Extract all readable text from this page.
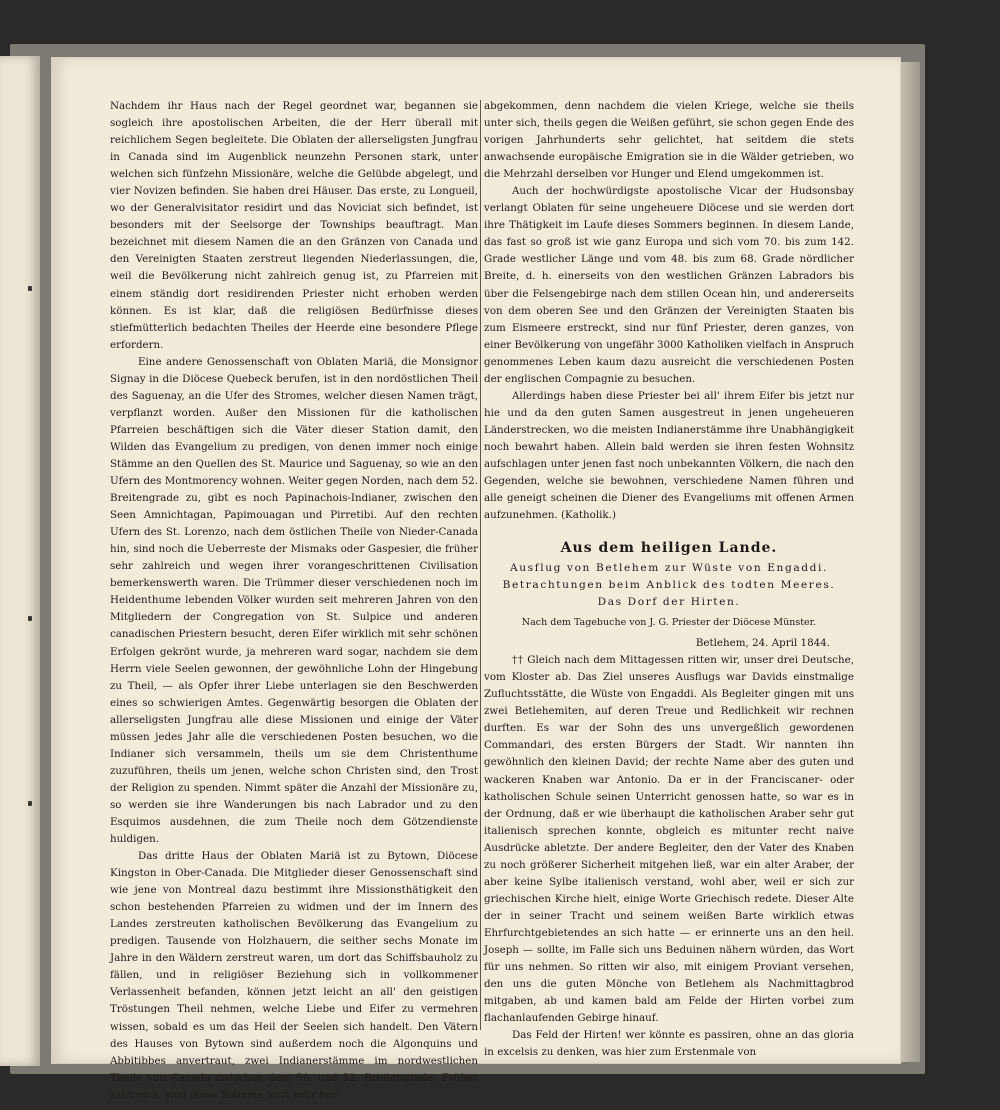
Nachdem ihr Haus nach der Regel geordnet war, begannen sie sogleich ihre apostolischen Arbeiten, die der Herr überall mit reichlichem Segen begleitete. Die Oblaten der allerseligsten Jungfrau in Canada sind im Augenblick neunzehn Personen stark, unter welchen sich fünfzehn Missionäre, welche die Gelübde abgelegt, und vier Novizen befinden. Sie haben drei Häuser. Das erste, zu Longueil, wo der Generalvisitator residirt und das Noviciat sich befindet, ist besonders mit der Seelsorge der Townships beauftragt. Man bezeichnet mit diesem Namen die an den Gränzen von Canada und den Vereinigten Staaten zerstreut liegenden Niederlassungen, die, weil die Bevölkerung nicht zahlreich genug ist, zu Pfarreien mit einem ständig dort residirenden Priester nicht erhoben werden können. Es ist klar, daß die religiösen Bedürfnisse dieses stiefmütterlich bedachten Theiles der Heerde eine besondere Pflege erfordern.

Eine andere Genossenschaft von Oblaten Mariä, die Monsignor Signay in die Diöcese Quebeck berufen, ist in den nordöstlichen Theil des Saguenay, an die Ufer des Stromes, welcher diesen Namen trägt, verpflanzt worden. Außer den Missionen für die katholischen Pfarreien beschäftigen sich die Väter dieser Station damit, den Wilden das Evangelium zu predigen, von denen immer noch einige Stämme an den Quellen des St. Maurice und Saguenay, so wie an den Ufern des Montmorency wohnen. Weiter gegen Norden, nach dem 52. Breitengrade zu, gibt es noch Papinachois-Indianer, zwischen den Seen Amnichtagan, Papimouagan und Pirretibi. Auf den rechten Ufern des St. Lorenzo, nach dem östlichen Theile von Nieder-Canada hin, sind noch die Ueberreste der Mismaks oder Gaspesier, die früher sehr zahlreich und wegen ihrer vorangeschrittenen Civilisation bemerkenswerth waren. Die Trümmer dieser verschiedenen noch im Heidenthume lebenden Völker wurden seit mehreren Jahren von den Mitgliedern der Congregation von St. Sulpice und anderen canadischen Priestern besucht, deren Eifer wirklich mit sehr schönen Erfolgen gekrönt wurde, ja mehreren ward sogar, nachdem sie dem Herrn viele Seelen gewonnen, der gewöhnliche Lohn der Hingebung zu Theil, — als Opfer ihrer Liebe unterlagen sie den Beschwerden eines so schwierigen Amtes. Gegenwärtig besorgen die Oblaten der allerseligsten Jungfrau alle diese Missionen und einige der Väter müssen jedes Jahr alle die verschiedenen Posten besuchen, wo die Indianer sich versammeln, theils um sie dem Christenthume zuzuführen, theils um jenen, welche schon Christen sind, den Trost der Religion zu spenden. Nimmt später die Anzahl der Missionäre zu, so werden sie ihre Wanderungen bis nach Labrador und zu den Esquimos ausdehnen, die zum Theile noch dem Götzendienste huldigen.

Das dritte Haus der Oblaten Mariä ist zu Bytown, Diöcese Kingston in Ober-Canada. Die Mitglieder dieser Genossenschaft sind wie jene von Montreal dazu bestimmt ihre Missionsthätigkeit den schon bestehenden Pfarreien zu widmen und der im Innern des Landes zerstreuten katholischen Bevölkerung das Evangelium zu predigen. Tausende von Holzhauern, die seither sechs Monate im Jahre in den Wäldern zerstreut waren, um dort das Schiffsbauholz zu fällen, und in religiöser Beziehung sich in vollkommener Verlassenheit befanden, können jetzt leicht an all' den geistigen Tröstungen Theil nehmen, welche Liebe und Eifer zu vermehren wissen, sobald es um das Heil der Seelen sich handelt. Den Vätern des Hauses von Bytown sind außerdem noch die Algonquins und Abbitibbes anvertraut, zwei Indianerstämme im nordwestlichen Theile von Canada zwischen dem 50. und 52. Breitengrade. Früher zahlreich, sind diese Stämme jetzt sehr her-

abgekommen, denn nachdem die vielen Kriege, welche sie theils unter sich, theils gegen die Weißen geführt, sie schon gegen Ende des vorigen Jahrhunderts sehr gelichtet, hat seitdem die stets anwachsende europäische Emigration sie in die Wälder getrieben, wo die Mehrzahl derselben vor Hunger und Elend umgekommen ist.

Auch der hochwürdigste apostolische Vicar der Hudsonsbay verlangt Oblaten für seine ungeheuere Diöcese und sie werden dort ihre Thätigkeit im Laufe dieses Sommers beginnen. In diesem Lande, das fast so groß ist wie ganz Europa und sich vom 70. bis zum 142. Grade westlicher Länge und vom 48. bis zum 68. Grade nördlicher Breite, d. h. einerseits von den westlichen Gränzen Labradors bis über die Felsengebirge nach dem stillen Ocean hin, und andererseits von dem oberen See und den Gränzen der Vereinigten Staaten bis zum Eismeere erstreckt, sind nur fünf Priester, deren ganzes, von einer Bevölkerung von ungefähr 3000 Katholiken vielfach in Anspruch genommenes Leben kaum dazu ausreicht die verschiedenen Posten der englischen Compagnie zu besuchen.

Allerdings haben diese Priester bei all' ihrem Eifer bis jetzt nur hie und da den guten Samen ausgestreut in jenen ungeheueren Länderstrecken, wo die meisten Indianerstämme ihre Unabhängigkeit noch bewahrt haben. Allein bald werden sie ihren festen Wohnsitz aufschlagen unter jenen fast noch unbekannten Völkern, die nach den Gegenden, welche sie bewohnen, verschiedene Namen führen und alle geneigt scheinen die Diener des Evangeliums mit offenen Armen aufzunehmen. (Katholik.)

Aus dem heiligen Lande.
Ausflug von Betlehem zur Wüste von Engaddi.
Betrachtungen beim Anblick des todten Meeres.
Das Dorf der Hirten.
Nach dem Tagebuche von J. G. Priester der Diöcese Münster.
Betlehem, 24. April 1844.

†† Gleich nach dem Mittagessen ritten wir, unser drei Deutsche, vom Kloster ab. Das Ziel unseres Ausflugs war Davids einstmalige Zufluchtsstätte, die Wüste von Engaddi. Als Begleiter gingen mit uns zwei Betlehemiten, auf deren Treue und Redlichkeit wir rechnen durften. Es war der Sohn des uns unvergeßlich gewordenen Commandari, des ersten Bürgers der Stadt. Wir nannten ihn gewöhnlich den kleinen David; der rechte Name aber des guten und wackeren Knaben war Antonio. Da er in der Franciscaner- oder katholischen Schule seinen Unterricht genossen hatte, so war es in der Ordnung, daß er wie überhaupt die katholischen Araber sehr gut italienisch sprechen konnte, obgleich es mitunter recht naive Ausdrücke abletzte. Der andere Begleiter, den der Vater des Knaben zu noch größerer Sicherheit mitgehen ließ, war ein alter Araber, der aber keine Sylbe italienisch verstand, wohl aber, weil er sich zur griechischen Kirche hielt, einige Worte Griechisch redete. Dieser Alte der in seiner Tracht und seinem weißen Barte wirklich etwas Ehrfurchtgebietendes an sich hatte — er erinnerte uns an den heil. Joseph — sollte, im Falle sich uns Beduinen nähern würden, das Wort für uns nehmen. So ritten wir also, mit einigem Proviant versehen, den uns die guten Mönche von Betlehem als Nachmittagbrod mitgaben, ab und kamen bald am Felde der Hirten vorbei zum flachanlaufenden Gebirge hinauf.

Das Feld der Hirten! wer könnte es passiren, ohne an das gloria in excelsis zu denken, was hier zum Erstenmale von
